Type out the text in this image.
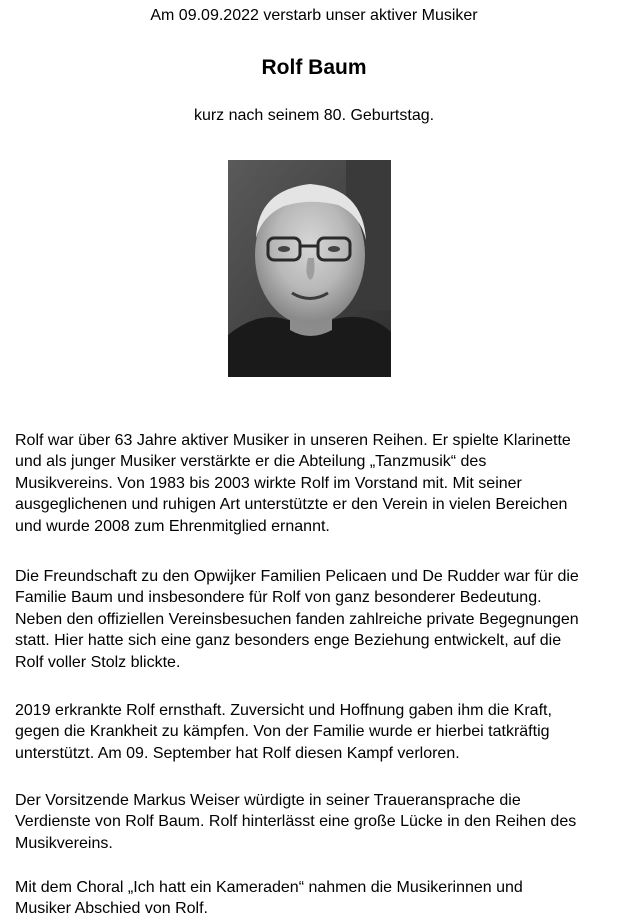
Am 09.09.2022 verstarb unser aktiver Musiker
Rolf Baum
kurz nach seinem 80. Geburtstag.
Rolf war über 63 Jahre aktiver Musiker in unseren Reihen. Er spielte Klarinette
und als junger Musiker verstärkte er die Abteilung „Tanzmusik“ des
Musikvereins. Von 1983 bis 2003 wirkte Rolf im Vorstand mit. Mit seiner
ausgeglichenen und ruhigen Art unterstützte er den Verein in vielen Bereichen
und wurde 2008 zum Ehrenmitglied ernannt.
Die Freundschaft zu den Opwijker Familien Pelicaen und De Rudder war für die
Familie Baum und insbesondere für Rolf von ganz besonderer Bedeutung.
Neben den offiziellen Vereinsbesuchen fanden zahlreiche private Begegnungen
statt. Hier hatte sich eine ganz besonders enge Beziehung entwickelt, auf die
Rolf voller Stolz blickte.
2019 erkrankte Rolf ernsthaft. Zuversicht und Hoffnung gaben ihm die Kraft,
gegen die Krankheit zu kämpfen. Von der Familie wurde er hierbei tatkräftig
unterstützt. Am 09. September hat Rolf diesen Kampf verloren.
Der Vorsitzende Markus Weiser würdigte in seiner Traueransprache die
Verdienste von Rolf Baum. Rolf hinterlässt eine große Lücke in den Reihen des
Musikvereins.
Mit dem Choral „Ich hatt ein Kameraden“ nahmen die Musikerinnen und
Musiker Abschied von Rolf.
